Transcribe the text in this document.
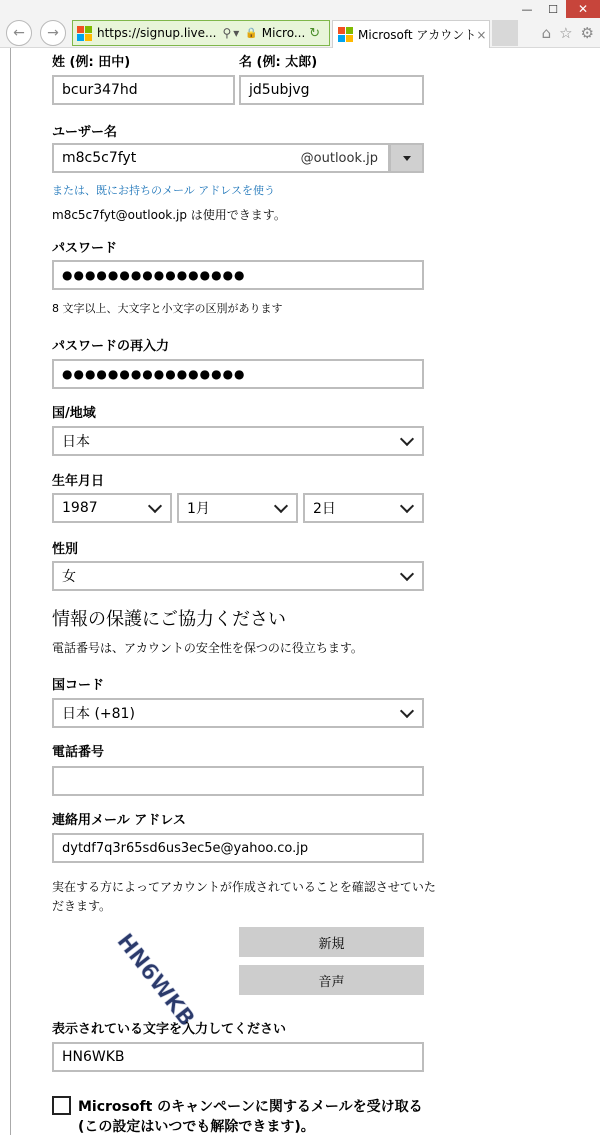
—	☐	✕
← →	https://signup.live... ⚲ ▾ 🔒 Micro... ↻	Microsoft アカウント ×	⌂ ☆ ⚙
姓 (例: 田中)	名 (例: 太郎)
bcur347hd	jd5ubjvg
ユーザー名
m8c5c7fyt	@outlook.jp
または、既にお持ちのメール アドレスを使う
m8c5c7fyt@outlook.jp は使用できます。
パスワード
●●●●●●●●●●●●●●●●
8 文字以上、大文字と小文字の区別があります
パスワードの再入力
●●●●●●●●●●●●●●●●
国/地域
日本
生年月日
1987	1月	2日
性別
女
情報の保護にご協力ください
電話番号は、アカウントの安全性を保つのに役立ちます。
国コード
日本 (+81)
電話番号
連絡用メール アドレス
dytdf7q3r65sd6us3ec5e@yahoo.co.jp
実在する方によってアカウントが作成されていることを確認させていた
だきます。
HN6WKB	新規
音声
表示されている文字を入力してください
HN6WKB
Microsoft のキャンペーンに関するメールを受け取る (この設定はいつでも解除できます)。
